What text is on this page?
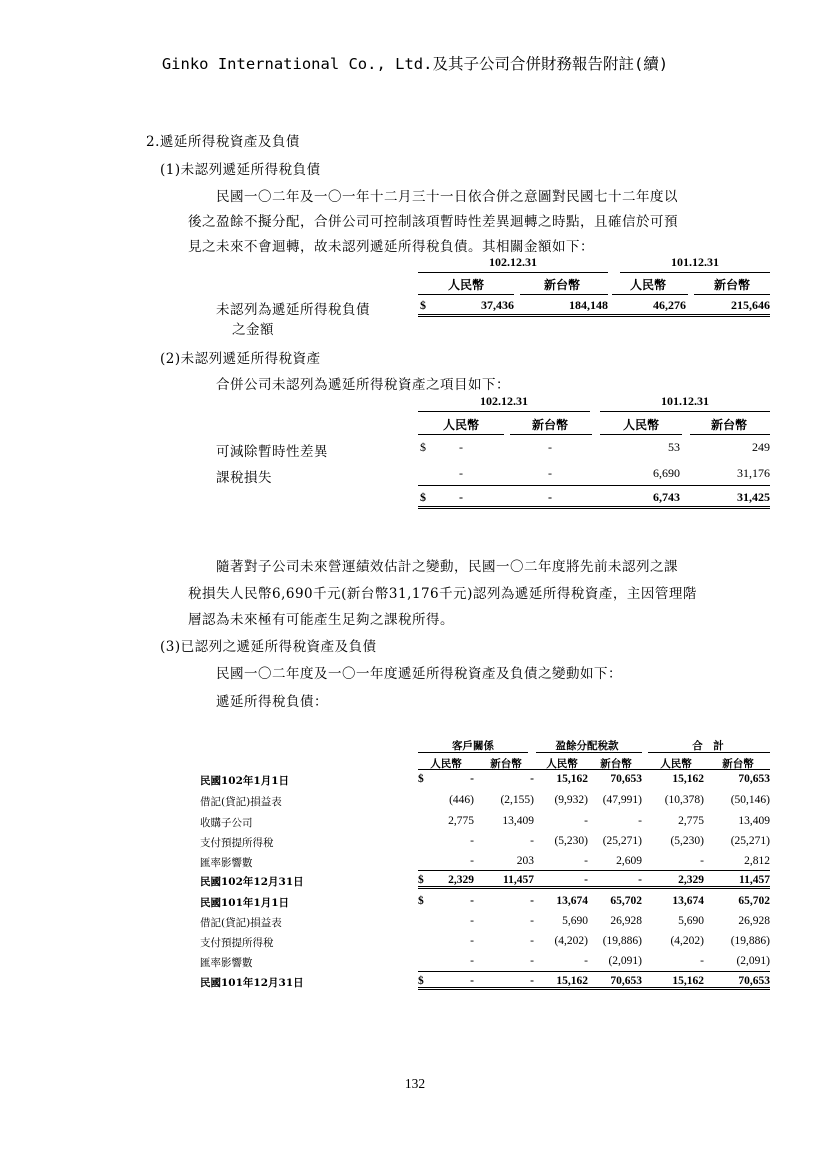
Ginko International Co., Ltd.及其子公司合併財務報告附註(續)
2.遞延所得稅資產及負債
(1)未認列遞延所得稅負債
民國一〇二年及一〇一年十二月三十一日依合併之意圖對民國七十二年度以
後之盈餘不擬分配，合併公司可控制該項暫時性差異迴轉之時點，且確信於可預
見之未來不會迴轉，故未認列遞延所得稅負債。其相關金額如下：
102.12.31	101.12.31
人民幣	新台幣	人民幣	新台幣
未認列為遞延所得稅負債
之金額
$	37,436	184,148	46,276	215,646
(2)未認列遞延所得稅資產
合併公司未認列為遞延所得稅資產之項目如下：
102.12.31	101.12.31
人民幣	新台幣	人民幣	新台幣
可減除暫時性差異	$	-	-	53	249
課稅損失	-	-	6,690	31,176
$	-	-	6,743	31,425
隨著對子公司未來營運績效估計之變動，民國一〇二年度將先前未認列之課
稅損失人民幣6,690千元(新台幣31,176千元)認列為遞延所得稅資產，主因管理階
層認為未來極有可能產生足夠之課稅所得。
(3)已認列之遞延所得稅資產及負債
民國一〇二年度及一〇一年度遞延所得稅資產及負債之變動如下：
遞延所得稅負債：
客戶關係	盈餘分配稅款	合　計
人民幣	新台幣	人民幣	新台幣	人民幣	新台幣
民國102年1月1日	$	-	-	15,162	70,653	15,162	70,653
借記(貸記)損益表	(446)	(2,155)	(9,932)	(47,991)	(10,378)	(50,146)
收購子公司	2,775	13,409	-	-	2,775	13,409
支付預提所得稅	-	-	(5,230)	(25,271)	(5,230)	(25,271)
匯率影響數	-	203	-	2,609	-	2,812
民國102年12月31日	$	2,329	11,457	-	-	2,329	11,457
民國101年1月1日	$	-	-	13,674	65,702	13,674	65,702
借記(貸記)損益表	-	-	5,690	26,928	5,690	26,928
支付預提所得稅	-	-	(4,202)	(19,886)	(4,202)	(19,886)
匯率影響數	-	-	-	(2,091)	-	(2,091)
民國101年12月31日	$	-	-	15,162	70,653	15,162	70,653
132
